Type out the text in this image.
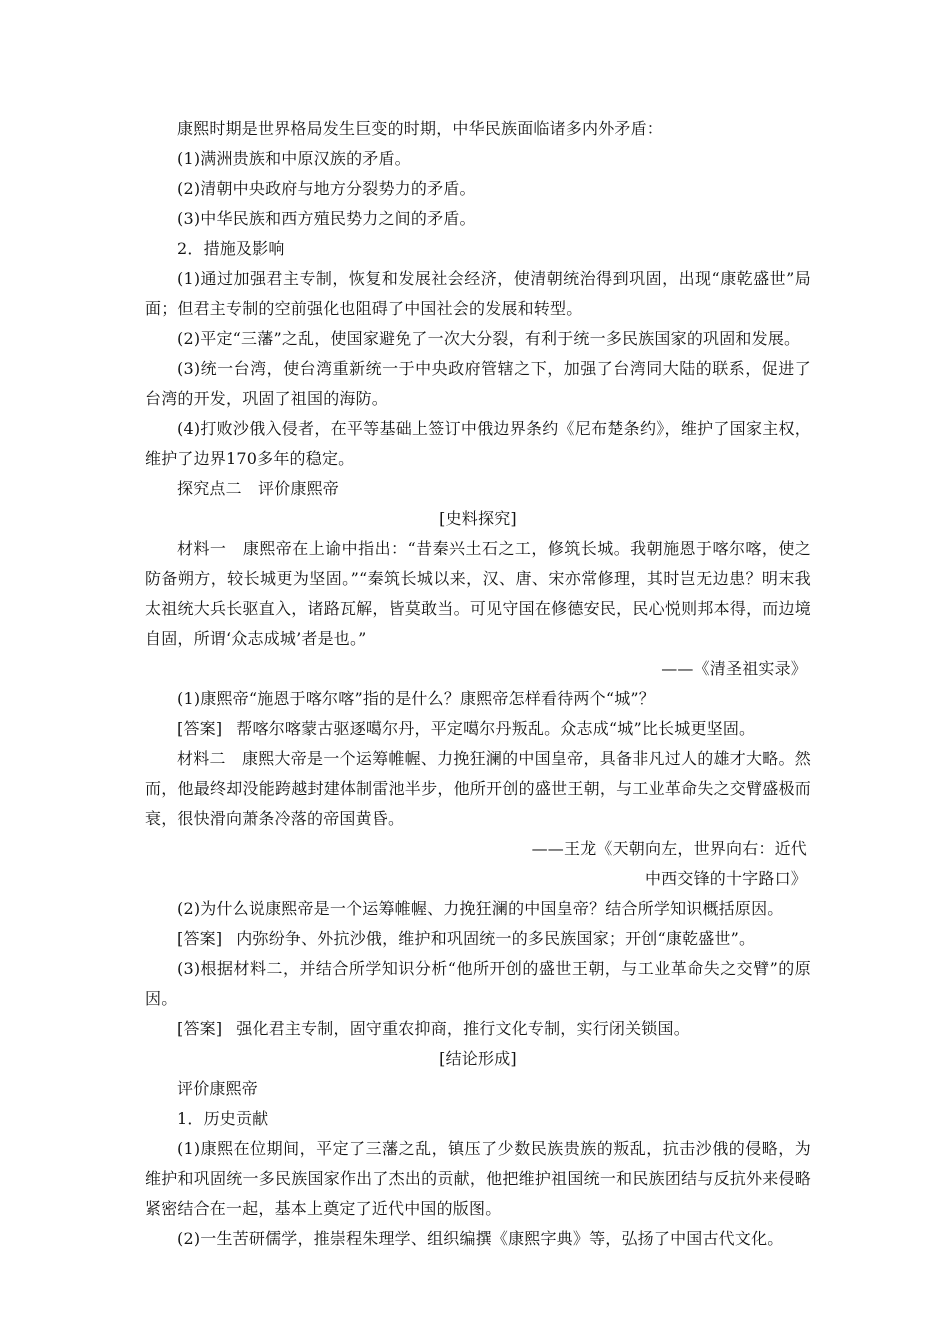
康熙时期是世界格局发生巨变的时期，中华民族面临诸多内外矛盾：

(1)满洲贵族和中原汉族的矛盾。

(2)清朝中央政府与地方分裂势力的矛盾。

(3)中华民族和西方殖民势力之间的矛盾。

2．措施及影响

(1)通过加强君主专制，恢复和发展社会经济，使清朝统治得到巩固，出现“康乾盛世”局面；但君主专制的空前强化也阻碍了中国社会的发展和转型。

(2)平定“三藩”之乱，使国家避免了一次大分裂，有利于统一多民族国家的巩固和发展。

(3)统一台湾，使台湾重新统一于中央政府管辖之下，加强了台湾同大陆的联系，促进了台湾的开发，巩固了祖国的海防。

(4)打败沙俄入侵者，在平等基础上签订中俄边界条约《尼布楚条约》，维护了国家主权，维护了边界170多年的稳定。

探究点二　评价康熙帝

[史料探究]

材料一　康熙帝在上谕中指出：“昔秦兴土石之工，修筑长城。我朝施恩于喀尔喀，使之防备朔方，较长城更为坚固。”“秦筑长城以来，汉、唐、宋亦常修理，其时岂无边患？明末我太祖统大兵长驱直入，诸路瓦解，皆莫敢当。可见守国在修德安民，民心悦则邦本得，而边境自固，所谓‘众志成城’者是也。”

——《清圣祖实录》

(1)康熙帝“施恩于喀尔喀”指的是什么？康熙帝怎样看待两个“城”？

[答案] 帮喀尔喀蒙古驱逐噶尔丹，平定噶尔丹叛乱。众志成“城”比长城更坚固。

材料二　康熙大帝是一个运筹帷幄、力挽狂澜的中国皇帝，具备非凡过人的雄才大略。然而，他最终却没能跨越封建体制雷池半步，他所开创的盛世王朝，与工业革命失之交臂盛极而衰，很快滑向萧条冷落的帝国黄昏。

——王龙《天朝向左，世界向右：近代

中西交锋的十字路口》

(2)为什么说康熙帝是一个运筹帷幄、力挽狂澜的中国皇帝？结合所学知识概括原因。

[答案] 内弥纷争、外抗沙俄，维护和巩固统一的多民族国家；开创“康乾盛世”。

(3)根据材料二，并结合所学知识分析“他所开创的盛世王朝，与工业革命失之交臂”的原因。

[答案] 强化君主专制，固守重农抑商，推行文化专制，实行闭关锁国。

[结论形成]

评价康熙帝

1．历史贡献

(1)康熙在位期间，平定了三藩之乱，镇压了少数民族贵族的叛乱，抗击沙俄的侵略，为维护和巩固统一多民族国家作出了杰出的贡献，他把维护祖国统一和民族团结与反抗外来侵略紧密结合在一起，基本上奠定了近代中国的版图。

(2)一生苦研儒学，推崇程朱理学、组织编撰《康熙字典》等，弘扬了中国古代文化。
